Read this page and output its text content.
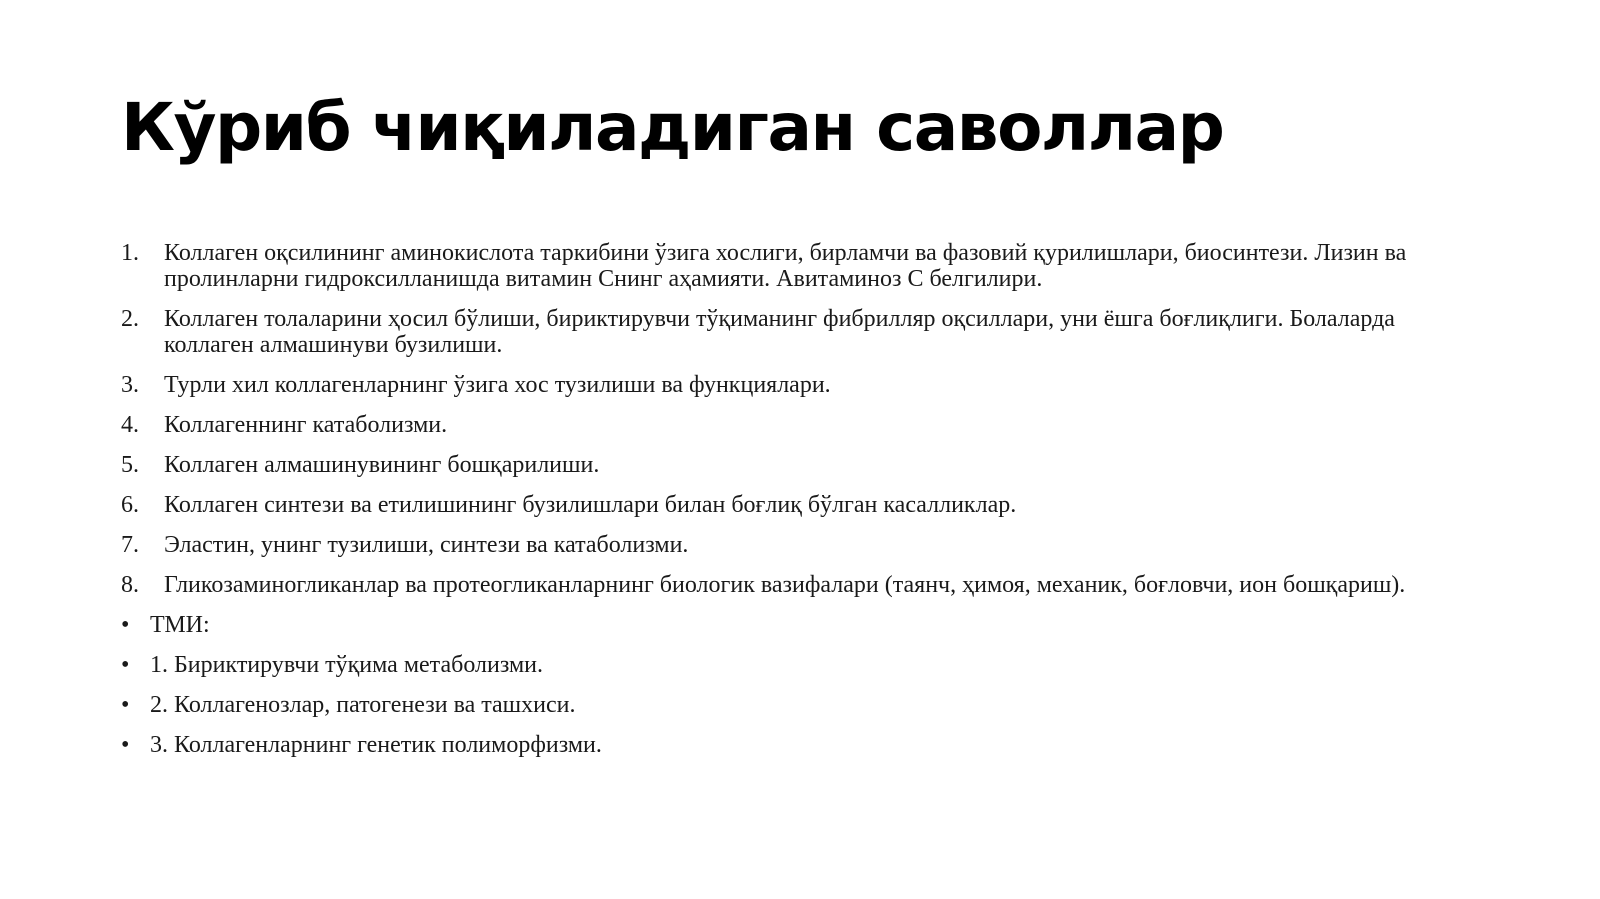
Кўриб чиқиладиган саволлар
1.	Коллаген оқсилининг аминокислота таркибини ўзига хослиги, бирламчи ва фазовий қурилишлари, биосинтези. Лизин ва пролинларни гидроксилланишда витамин Снинг аҳамияти. Авитаминоз С белгилири.
2.	Коллаген толаларини ҳосил бўлиши, бириктирувчи тўқиманинг фибрилляр оқсиллари, уни ёшга боғлиқлиги. Болаларда коллаген алмашинуви бузилиши.
3.	Турли хил коллагенларнинг ўзига хос тузилиши ва функциялари.
4.	Коллагеннинг катаболизми.
5.	Коллаген алмашинувининг бошқарилиши.
6.	Коллаген синтези ва етилишининг бузилишлари билан боғлиқ бўлган касалликлар.
7.	Эластин, унинг тузилиши, синтези ва катаболизми.
8.	Гликозаминогликанлар ва протеогликанларнинг биологик вазифалари (таянч, ҳимоя, механик, боғловчи, ион бошқариш).
• ТМИ:
• 1. Бириктирувчи тўқима метаболизми.
• 2. Коллагенозлар, патогенези ва ташхиси.
• 3. Коллагенларнинг генетик полиморфизми.
